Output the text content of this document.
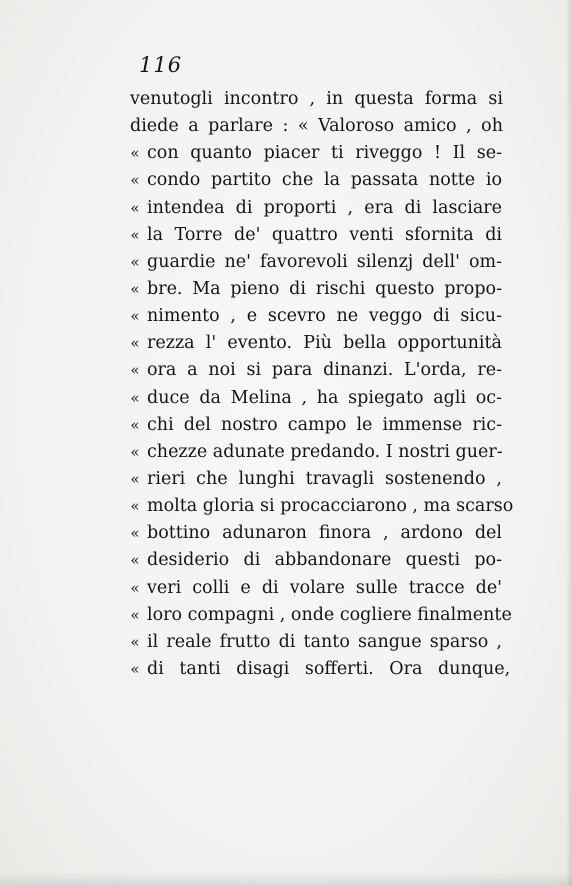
116
venutogli incontro , in questa forma si
diede a parlare : « Valoroso amico , oh
« con quanto piacer ti riveggo ! Il se-
« condo partito che la passata notte io
« intendea di proporti , era di lasciare
« la Torre de' quattro venti sfornita di
« guardie ne' favorevoli silenzj dell' om-
« bre. Ma pieno di rischi questo propo-
« nimento , e scevro ne veggo di sicu-
« rezza l' evento. Più bella opportunità
« ora a noi si para dinanzi. L'orda, re-
« duce da Melina , ha spiegato agli oc-
« chi del nostro campo le immense ric-
« chezze adunate predando. I nostri guer-
« rieri che lunghi travagli sostenendo ,
« molta gloria si procacciarono , ma scarso
« bottino adunaron finora , ardono del
« desiderio di abbandonare questi po-
« veri colli e di volare sulle tracce de'
« loro compagni , onde cogliere finalmente
« il reale frutto di tanto sangue sparso ,
« di tanti disagi sofferti. Ora dunque,
